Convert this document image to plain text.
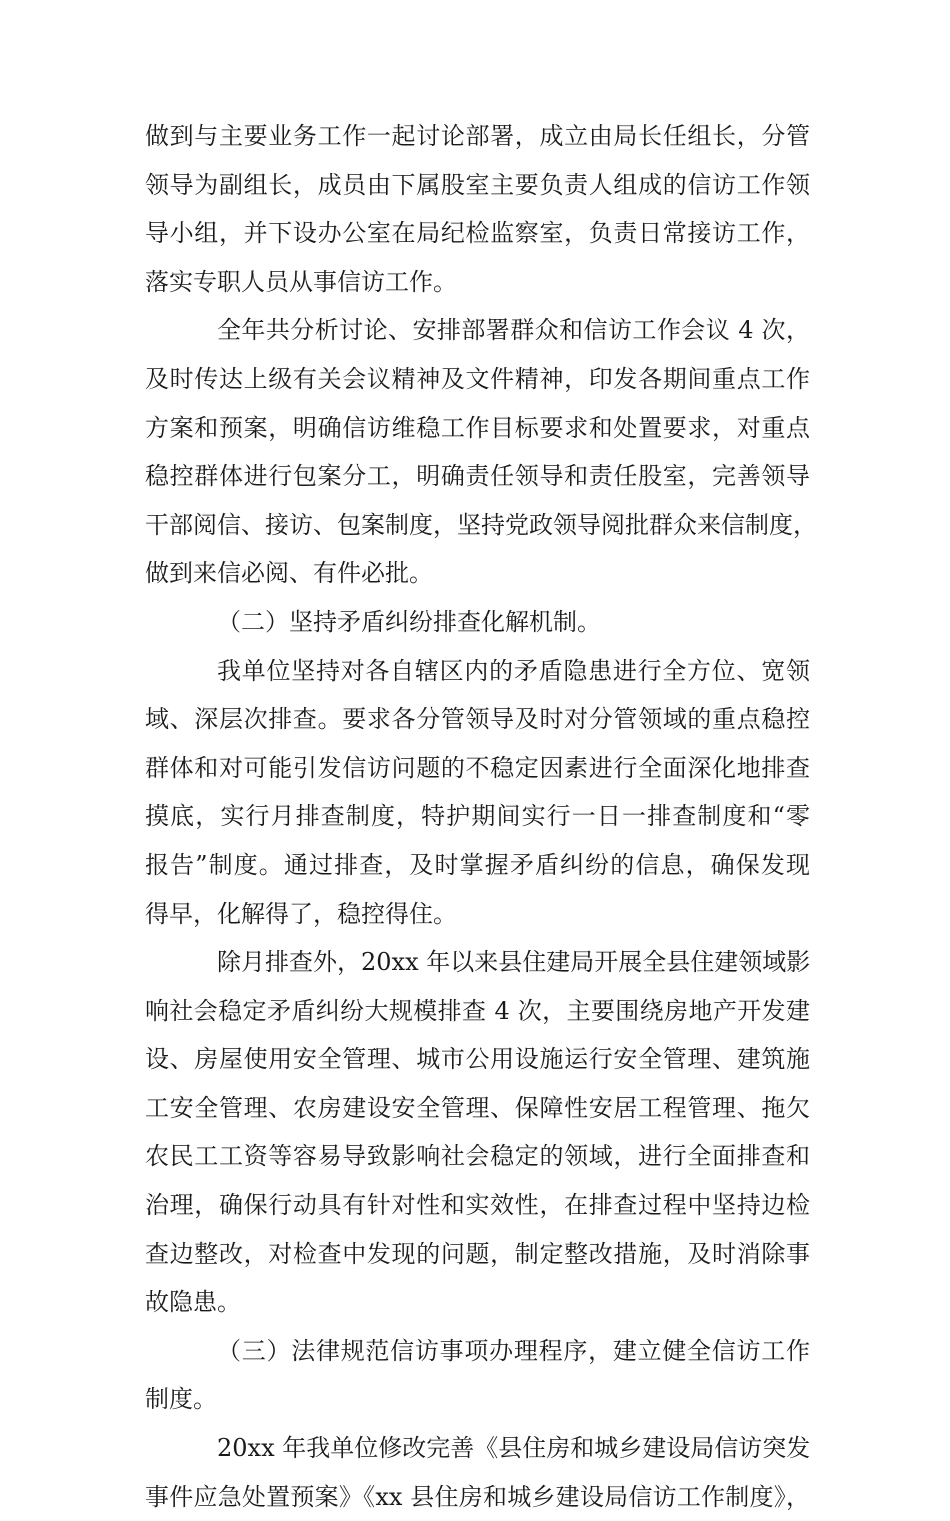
做到与主要业务工作一起讨论部署，成立由局长任组长，分管
领导为副组长，成员由下属股室主要负责人组成的信访工作领
导小组，并下设办公室在局纪检监察室，负责日常接访工作，
落实专职人员从事信访工作。
全年共分析讨论、安排部署群众和信访工作会议 4 次，
及时传达上级有关会议精神及文件精神，印发各期间重点工作
方案和预案，明确信访维稳工作目标要求和处置要求，对重点
稳控群体进行包案分工，明确责任领导和责任股室，完善领导
干部阅信、接访、包案制度，坚持党政领导阅批群众来信制度，
做到来信必阅、有件必批。
（二）坚持矛盾纠纷排查化解机制。
我单位坚持对各自辖区内的矛盾隐患进行全方位、宽领
域、深层次排查。要求各分管领导及时对分管领域的重点稳控
群体和对可能引发信访问题的不稳定因素进行全面深化地排查
摸底，实行月排查制度，特护期间实行一日一排查制度和“零
报告”制度。通过排查，及时掌握矛盾纠纷的信息，确保发现
得早，化解得了，稳控得住。
除月排查外，20xx 年以来县住建局开展全县住建领域影
响社会稳定矛盾纠纷大规模排查 4 次，主要围绕房地产开发建
设、房屋使用安全管理、城市公用设施运行安全管理、建筑施
工安全管理、农房建设安全管理、保障性安居工程管理、拖欠
农民工工资等容易导致影响社会稳定的领域，进行全面排查和
治理，确保行动具有针对性和实效性，在排查过程中坚持边检
查边整改，对检查中发现的问题，制定整改措施，及时消除事
故隐患。
（三）法律规范信访事项办理程序，建立健全信访工作
制度。
20xx 年我单位修改完善《县住房和城乡建设局信访突发
事件应急处置预案》《xx 县住房和城乡建设局信访工作制度》，
